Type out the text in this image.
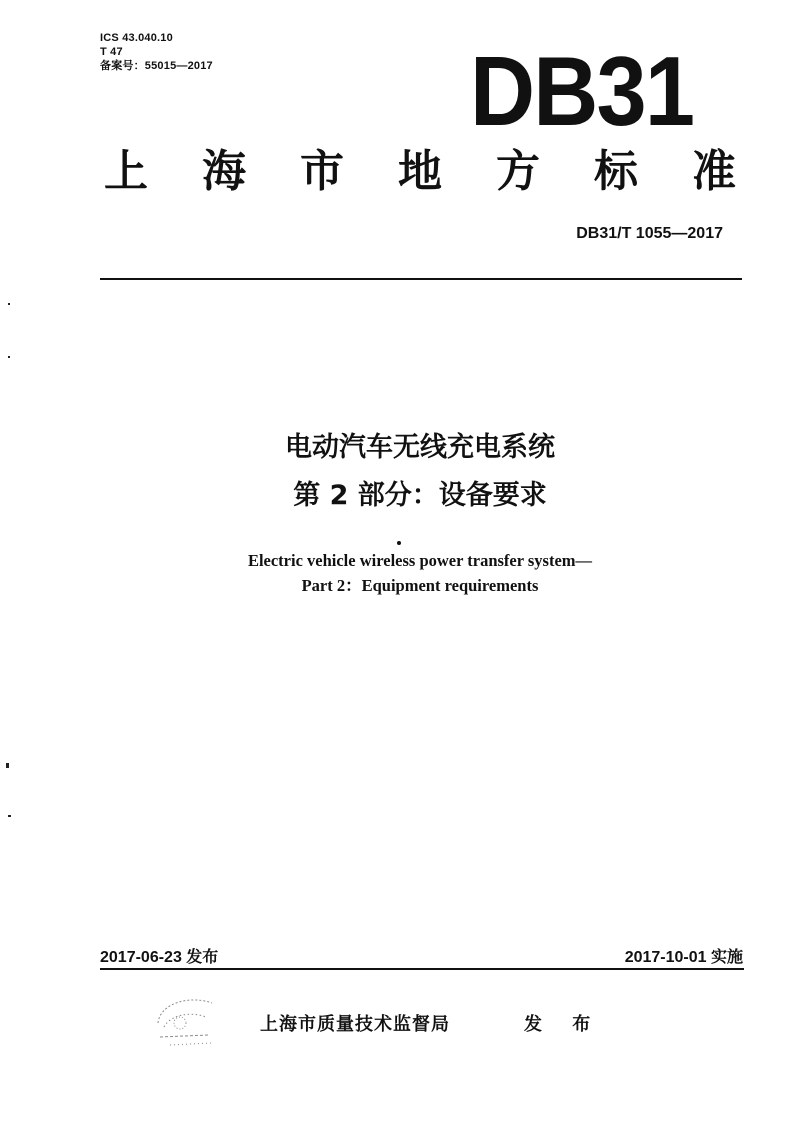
ICS 43.040.10
T 47
备案号：55015—2017	DB31
上 海 市 地 方 标 准
DB31/T 1055—2017
电动汽车无线充电系统
第 2 部分：设备要求
Electric vehicle wireless power transfer system—
Part 2：Equipment requirements
2017-06-23 发布	2017-10-01 实施
上海市质量技术监督局	发 布
